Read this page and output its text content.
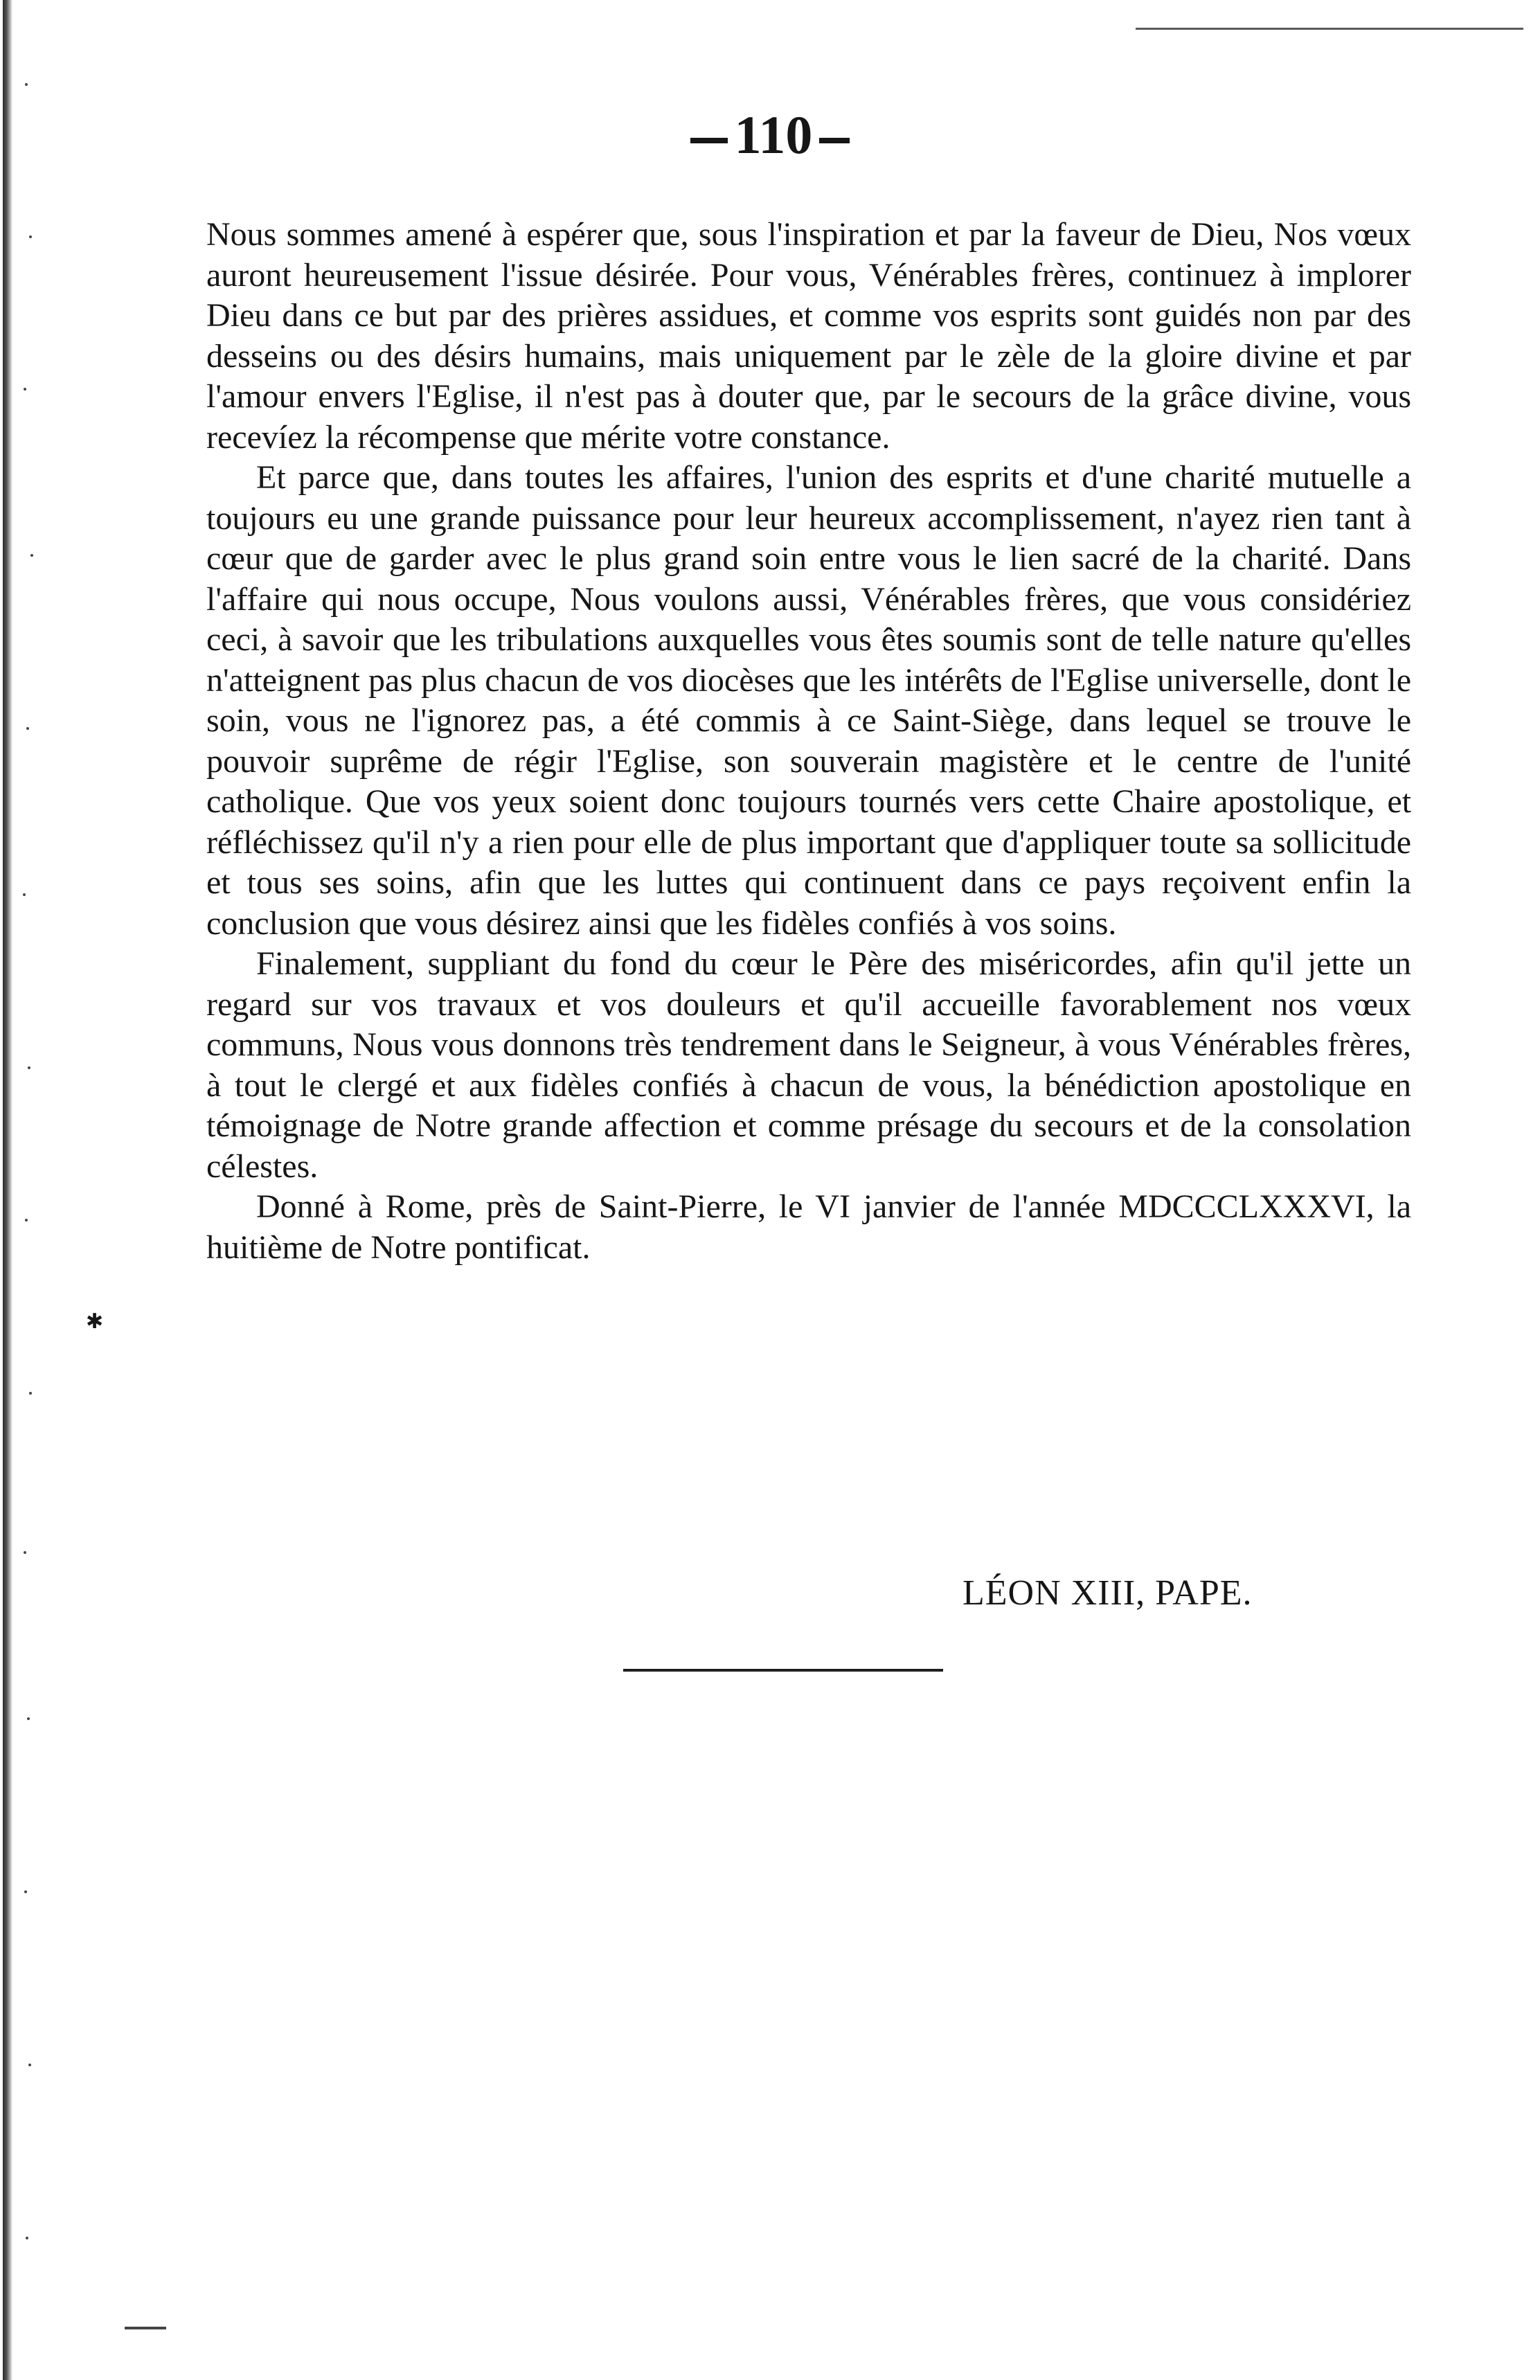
110

Nous sommes amené à espérer que, sous l'inspiration et par la faveur de Dieu, Nos vœux auront heureusement l'issue désirée. Pour vous, Vénérables frères, continuez à implorer Dieu dans ce but par des prières assidues, et comme vos esprits sont guidés non par des desseins ou des désirs humains, mais uniquement par le zèle de la gloire divine et par l'amour envers l'Eglise, il n'est pas à douter que, par le secours de la grâce divine, vous recevíez la récompense que mérite votre constance.

Et parce que, dans toutes les affaires, l'union des esprits et d'une charité mutuelle a toujours eu une grande puissance pour leur heureux accomplissement, n'ayez rien tant à cœur que de garder avec le plus grand soin entre vous le lien sacré de la charité. Dans l'affaire qui nous occupe, Nous voulons aussi, Vénérables frères, que vous considériez ceci, à savoir que les tribulations auxquelles vous êtes soumis sont de telle nature qu'elles n'atteignent pas plus chacun de vos diocèses que les intérêts de l'Eglise universelle, dont le soin, vous ne l'ignorez pas, a été commis à ce Saint-Siège, dans lequel se trouve le pouvoir suprême de régir l'Eglise, son souverain magistère et le centre de l'unité catholique. Que vos yeux soient donc toujours tournés vers cette Chaire apostolique, et réfléchissez qu'il n'y a rien pour elle de plus important que d'appliquer toute sa sollicitude et tous ses soins, afin que les luttes qui continuent dans ce pays reçoivent enfin la conclusion que vous désirez ainsi que les fidèles confiés à vos soins.

Finalement, suppliant du fond du cœur le Père des miséricordes, afin qu'il jette un regard sur vos travaux et vos douleurs et qu'il accueille favorablement nos vœux communs, Nous vous donnons très tendrement dans le Seigneur, à vous Vénérables frères, à tout le clergé et aux fidèles confiés à chacun de vous, la bénédiction apostolique en témoignage de Notre grande affection et comme présage du secours et de la consolation célestes.

Donné à Rome, près de Saint-Pierre, le VI janvier de l'année MDCCCLXXXVI, la huitième de Notre pontificat.

LÉON XIII, PAPE.
✱
